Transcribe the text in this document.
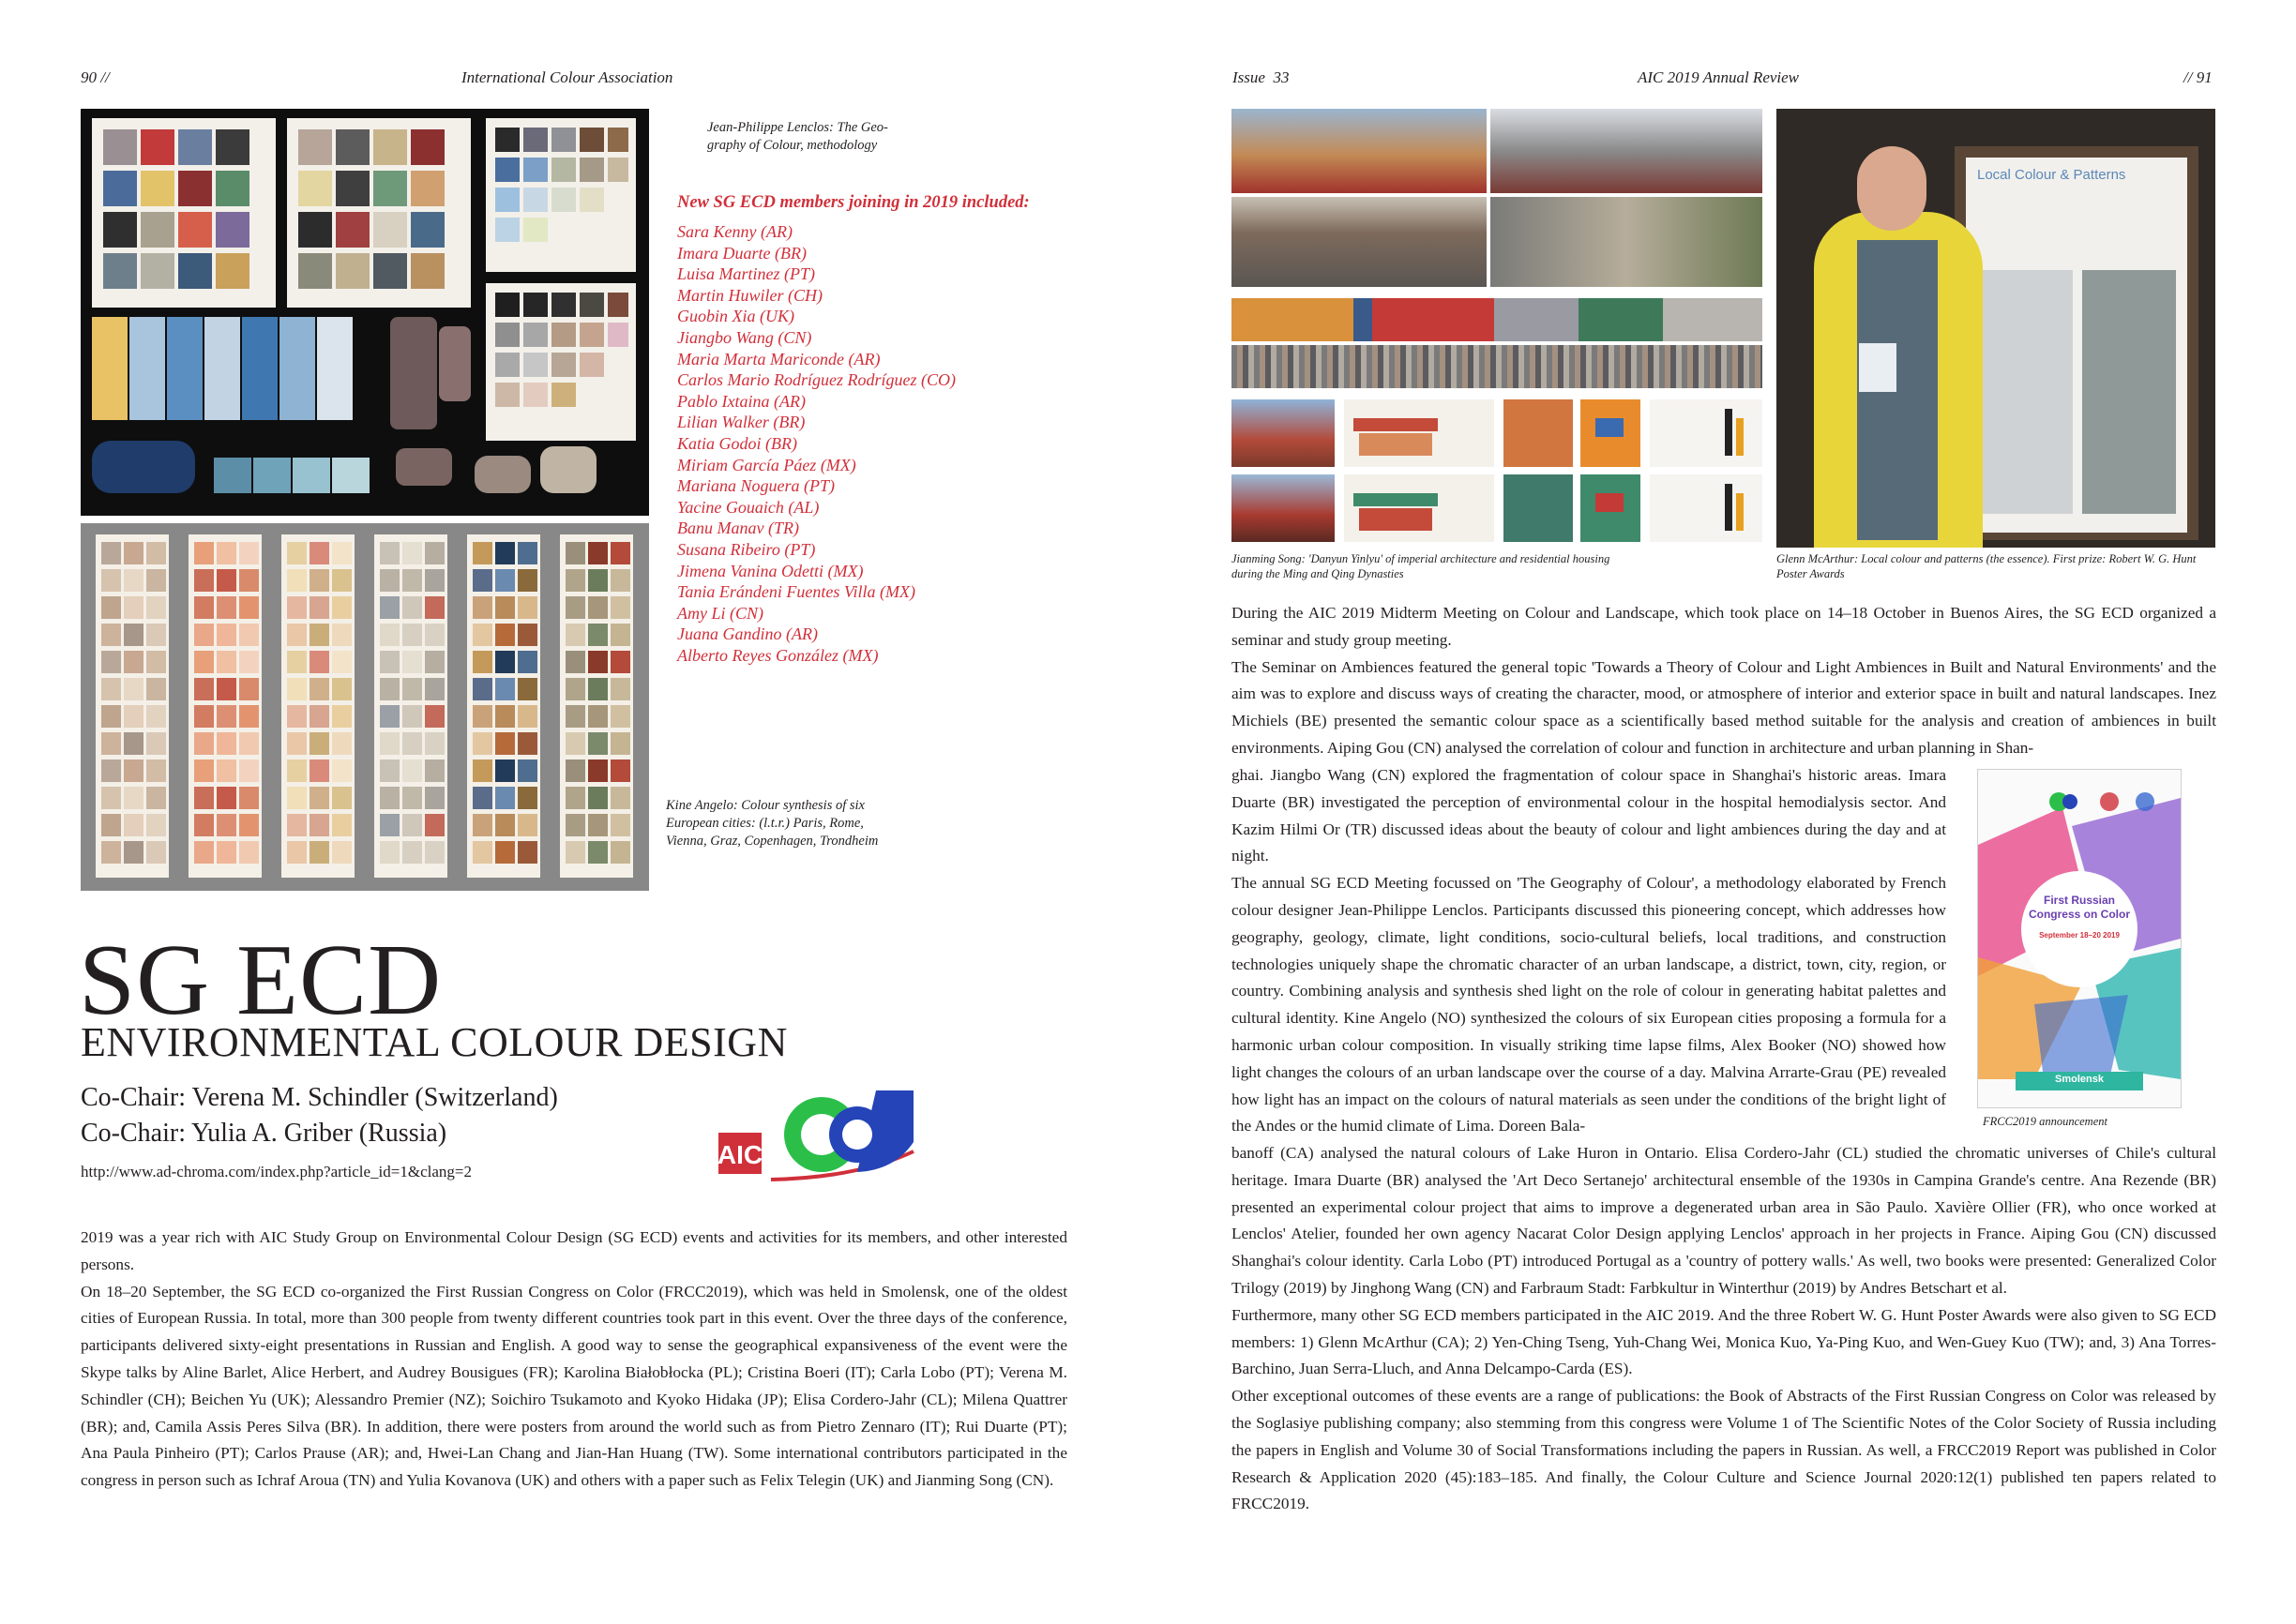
90 //	International Colour Association
Jean-Philippe Lenclos: The Geo-graphy of Colour, methodology
New SG ECD members joining in 2019 included:
Sara Kenny (AR)
Imara Duarte (BR)
Luisa Martinez (PT)
Martin Huwiler (CH)
Guobin Xia (UK)
Jiangbo Wang (CN)
Maria Marta Mariconde (AR)
Carlos Mario Rodríguez Rodríguez (CO)
Pablo Ixtaina (AR)
Lilian Walker (BR)
Katia Godoi (BR)
Miriam García Páez (MX)
Mariana Noguera (PT)
Yacine Gouaich (AL)
Banu Manav (TR)
Susana Ribeiro (PT)
Jimena Vanina Odetti (MX)
Tania Erándeni Fuentes Villa (MX)
Amy Li (CN)
Juana Gandino (AR)
Alberto Reyes González (MX)
Kine Angelo: Colour synthesis of six European cities: (l.t.r.) Paris, Rome, Vienna, Graz, Copenhagen, Trondheim
SG ECD
ENVIRONMENTAL COLOUR DESIGN
Co-Chair: Verena M. Schindler (Switzerland)
Co-Chair: Yulia A. Griber (Russia)
http://www.ad-chroma.com/index.php?article_id=1&clang=2
AIC

2019 was a year rich with AIC Study Group on Environmental Colour Design (SG ECD) events and activities for its members, and other interested persons.

On 18–20 September, the SG ECD co-organized the First Russian Congress on Color (FRCC2019), which was held in Smolensk, one of the oldest cities of European Russia. In total, more than 300 people from twenty different countries took part in this event. Over the three days of the conference, participants delivered sixty-eight presentations in Russian and English. A good way to sense the geographical expansiveness of the event were the Skype talks by Aline Barlet, Alice Herbert, and Audrey Bousigues (FR); Karolina Białobłocka (PL); Cristina Boeri (IT); Carla Lobo (PT); Verena M. Schindler (CH); Beichen Yu (UK); Alessandro Premier (NZ); Soichiro Tsukamoto and Kyoko Hidaka (JP); Elisa Cordero-Jahr (CL); Milena Quattrer (BR); and, Camila Assis Peres Silva (BR). In addition, there were posters from around the world such as from Pietro Zennaro (IT); Rui Duarte (PT); Ana Paula Pinheiro (PT); Carlos Prause (AR); and, Hwei-Lan Chang and Jian-Han Huang (TW). Some international contributors participated in the congress in person such as Ichraf Aroua (TN) and Yulia Kovanova (UK) and others with a paper such as Felix Telegin (UK) and Jianming Song (CN).

Issue  33	AIC 2019 Annual Review	// 91
Local Colour & Patterns
Jianming Song: 'Danyun Yinlyu' of imperial architecture and residential housing during the Ming and Qing Dynasties
Glenn McArthur: Local colour and patterns (the essence). First prize: Robert W. G. Hunt Poster Awards

During the AIC 2019 Midterm Meeting on Colour and Landscape, which took place on 14–18 October in Buenos Aires, the SG ECD organized a seminar and study group meeting.

The Seminar on Ambiences featured the general topic 'Towards a Theory of Colour and Light Ambiences in Built and Natural Environments' and the aim was to explore and discuss ways of creating the character, mood, or atmosphere of interior and exterior space in built and natural landscapes. Inez Michiels (BE) presented the semantic colour space as a scientifically based method suitable for the analysis and creation of ambiences in built environments. Aiping Gou (CN) analysed the correlation of colour and function in architecture and urban planning in Shan-

ghai. Jiangbo Wang (CN) explored the fragmentation of colour space in Shanghai's historic areas. Imara Duarte (BR) investigated the perception of environmental colour in the hospital hemodialysis sector. And Kazim Hilmi Or (TR) discussed ideas about the beauty of colour and light ambiences during the day and at night.

The annual SG ECD Meeting focussed on 'The Geography of Colour', a methodology elaborated by French colour designer Jean-Philippe Lenclos. Participants discussed this pioneering concept, which addresses how geography, geology, climate, light conditions, socio-cultural beliefs, local traditions, and construction technologies uniquely shape the chromatic character of an urban landscape, a district, town, city, region, or country. Combining analysis and synthesis shed light on the role of colour in generating habitat palettes and cultural identity. Kine Angelo (NO) synthesized the colours of six European cities proposing a formula for a harmonic urban colour composition. In visually striking time lapse films, Alex Booker (NO) showed how light changes the colours of an urban landscape over the course of a day. Malvina Arrarte-Grau (PE) revealed how light has an impact on the colours of natural materials as seen under the conditions of the bright light of the Andes or the humid climate of Lima. Doreen Bala-

banoff (CA) analysed the natural colours of Lake Huron in Ontario. Elisa Cordero-Jahr (CL) studied the chromatic universes of Chile's cultural heritage. Imara Duarte (BR) analysed the 'Art Deco Sertanejo' architectural ensemble of the 1930s in Campina Grande's centre. Ana Rezende (BR) presented an experimental colour project that aims to improve a degenerated urban area in São Paulo. Xavière Ollier (FR), who once worked at Lenclos' Atelier, founded her own agency Nacarat Color Design applying Lenclos' approach in her projects in France. Aiping Gou (CN) discussed Shanghai's colour identity. Carla Lobo (PT) introduced Portugal as a 'country of pottery walls.' As well, two books were presented: Generalized Color Trilogy (2019) by Jinghong Wang (CN) and Farbraum Stadt: Farbkultur in Winterthur (2019) by Andres Betschart et al.

Furthermore, many other SG ECD members participated in the AIC 2019. And the three Robert W. G. Hunt Poster Awards were also given to SG ECD members: 1) Glenn McArthur (CA); 2) Yen-Ching Tseng, Yuh-Chang Wei, Monica Kuo, Ya-Ping Kuo, and Wen-Guey Kuo (TW); and, 3) Ana Torres-Barchino, Juan Serra-Lluch, and Anna Delcampo-Carda (ES).

Other exceptional outcomes of these events are a range of publications: the Book of Abstracts of the First Russian Congress on Color was released by the Soglasiye publishing company; also stemming from this congress were Volume 1 of The Scientific Notes of the Color Society of Russia including the papers in English and Volume 30 of Social Transformations including the papers in Russian. As well, a FRCC2019 Report was published in Color Research & Application 2020 (45):183–185. And finally, the Colour Culture and Science Journal 2020:12(1) published ten papers related to FRCC2019.

First Russian Congress on Color
September 18–20 2019
Smolensk
FRCC2019 announcement
